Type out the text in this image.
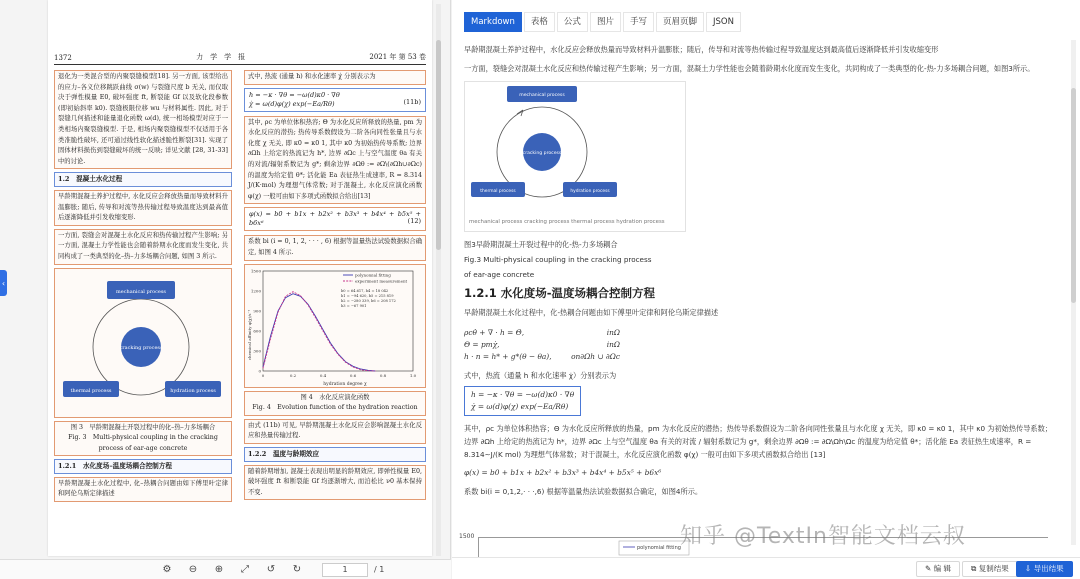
‹
1372	力　学　学　报	2021 年 第 53 卷
退化为一类混合型的内聚裂缝模型[18]. 另一方面, 该型给出的应力–各义位移跳跃曲线 σ(w) 与裂缝尺度 b 无关, 而仅取决于弹性模量 E0, 破坏强度 ft, 断裂能 Gf 以及软化段参数(即初始斜率 k0). 裂缝极限位移 wu 与材料属性. 因此, 对于裂缝几何描述和能量退化函数 ω(d), 统一相场模型对应于一类相场内聚裂缝模型. 于是, 相场内聚裂缝模型不仅适用于各类准脆性破坏, 还可通过线性软化描述脆性断裂[31]. 实现了固体材料损伤到裂缝破坏的统一反映; 详见文献 [28, 31-33] 中的讨论.
1.2　混凝土水化过程
早龄期混凝土养护过程中, 水化反应会释放热量而导致材料升温膨胀; 随后, 传导和对流等热传输过程导致温度达到最高值后逐渐降低并引发收缩变形.
一方面, 裂缝会对混凝土水化反应和热传输过程产生影响; 另一方面, 混凝土力学性能也会随着龄期水化度而发生变化, 共同构成了一类典型的化–热–力多场耦合问题, 如图 3 所示.
mechanical process
cracking process
thermal process	hydration process
图 3　早龄期混凝土开裂过程中的化–热–力多场耦合
Fig. 3　Multi-physical coupling in the cracking process of ear-age concrete
1.2.1　水化度场–温度场耦合控制方程
早龄期混凝土水化过程中, 化–热耦合问题由如下傅里叶定律和阿伦乌斯定律描述
式中, 热流 (通量 h) 和水化速率 χ̇ 分别表示为
h = −κ · ∇θ = −ω(d)κ0 · ∇θ
χ̇ = ω(d)φ(χ) exp(−Ea/Rθ)	(11b)
其中, ρc 为单位体积热容; Θ 为水化反应所释放的热量, pm 为水化反应的潜热; 热传导系数假设为二阶各向同性张量且与水化度 χ 无关, 即 κ0 = κ0 1, 其中 κ0 为初始热传导系数; 边界 ∂Ωh 上给定的热流记为 h*, 边界 ∂Ωc 上与空气温度 θa 有关的对流/辐射系数记为 g*; 剩余边界 ∂Ωθ := ∂Ω\(∂Ωh∪∂Ωc) 的温度为给定值 θ*; 活化能 Ea 表征热生成速率, R = 8.314 J/(K·mol) 为理想气体常数; 对于混凝土, 水化反应演化函数 φ(χ) 一般可由如下多项式函数拟合给出[13]
φ(x) = b0 + b1x + b2x² + b3x³ + b4x⁴ + b5x⁵ + b6x⁶	(12)
系数 bi (i = 0, 1, 2, · · · , 6) 根据等温量热法试验数据拟合确定, 如图 4 所示.
1500
1200
900
600
300
0
1.0
0.8
0.6
0.4
0.2
0
chemical affinity φ(χ)/s⁻¹
hydration degree χ
polynomial fitting
experiment measurement
b0 = 64.617, b4 = 18 042
b1 = −94 620, b5 = 215 819
b2 = −280 339, b6 = 208 172
b3 = −67 901
图 4　水化反应演化函数
Fig. 4　Evolution function of the hydration reaction
由式 (11b) 可见, 早龄期混凝土水化反应会影响混凝土水化反应和热量传输过程.
1.2.2　温度与龄期效应
随着龄期增加, 混凝土表现出明显的龄期效应, 即弹性模量 E0, 破坏强度 ft 和断裂能 Gf 均逐渐增大, 而泊松比 ν0 基本保持不变.
⚙ ⊖ ⊕	⤢	↺ ↻	1	/ 1
Markdown	表格	公式	图片	手写	页眉页脚	JSON

早龄期混凝土养护过程中，水化反应会释放热量而导致材料升温膨胀；随后，传导和对流等热传输过程导致温度达到最高值后逐渐降低并引发收缩变形

一方面，裂缝会对混凝土水化反应和热传输过程产生影响；另一方面，混凝土力学性能也会随着龄期水化度而发生变化，共同构成了一类典型的化-热-力多场耦合问题，如图3所示。

mechanical process
cracking process
thermal process	hydration process
mechanical process cracking process thermal process hydration process

图3早龄期混凝土开裂过程中的化-热-力多场耦合

Fig.3 Multi-physical coupling in the cracking process

of ear-age concrete

1.2.1 水化度场-温度场耦合控制方程

早龄期混凝土水化过程中，化-热耦合问题由如下傅里叶定律和阿伦乌斯定律描述

ρcθ̇ + ∇ · h = Θ̇,	inΩ
Θ = pmχ̇,	inΩ
h · n = h* + g*(θ − θa),	on∂Ωh ∪ ∂Ωc

式中，热流（通量 h 和水化速率 χ̇）分别表示为

h = −κ · ∇θ = −ω(d)κ0 · ∇θ
χ̇ = ω(d)φ(χ) exp(−Ea/Rθ)

其中，ρc 为单位体积热容；Θ 为水化反应所释放的热量，pm 为水化反应的潜热；热传导系数假设为二阶各向同性张量且与水化度 χ 无关，即 κ0 = κ0 1，其中 κ0 为初始热传导系数；边界 ∂Ωh 上给定的热流记为 h*，边界 ∂Ωc 上与空气温度 θa 有关的对流 / 辐射系数记为 g*，剩余边界 ∂Ωθ := ∂Ω\Ωh\Ωc 的温度为给定值 θ*；活化能 Ea 表征热生成速率，R = 8.314∼J/(K mol) 为理想气体常数；对于混凝土，水化反应演化函数 φ(χ) 一般可由如下多项式函数拟合给出 [13]

φ(x) = b0 + b1x + b2x² + b3x³ + b4x⁴ + b5x⁵ + b6x⁶

系数 bi(i = 0,1,2,· · ·,6) 根据等温量热法试验数据拟合确定，如图4所示。

1500
polynomial fitting 知乎 @TextIn智能文档云叔
✎ 编 辑	⧉ 复制结果	⇩ 导出结果
